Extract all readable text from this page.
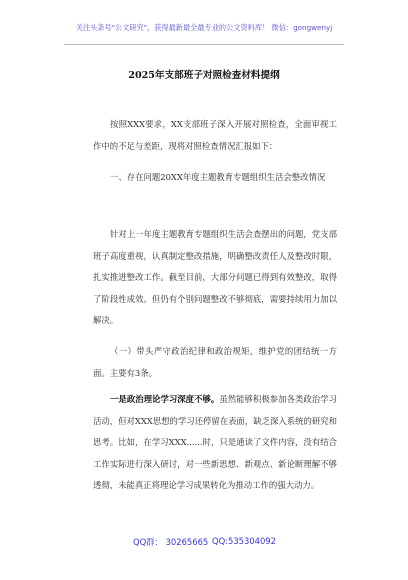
关注头条号"公文研究"，获得最新最全最专业的公文资料库！ 微信：gongwenyj
2025年支部班子对照检查材料提纲
按照XXX要求，XX支部班子深入开展对照检查，全面审视工作中的不足与差距，现将对照检查情况汇报如下：
一、存在问题20XX年度主题教育专题组织生活会整改情况
针对上一年度主题教育专题组织生活会查摆出的问题，党支部班子高度重视，认真制定整改措施，明确整改责任人及整改时限，扎实推进整改工作。截至目前，大部分问题已得到有效整改，取得了阶段性成效。但仍有个别问题整改不够彻底，需要持续用力加以解决。
（一）带头严守政治纪律和政治规矩，维护党的团结统一方面。主要有3条。
一是政治理论学习深度不够。虽然能够积极参加各类政治学习活动，但对XXX思想的学习还停留在表面，缺乏深入系统的研究和思考。比如，在学习XXX......时，只是通读了文件内容，没有结合工作实际进行深入研讨，对一些新思想、新观点、新论断理解不够透彻，未能真正将理论学习成果转化为推动工作的强大动力。
QQ群： 30265665 QQ:535304092
